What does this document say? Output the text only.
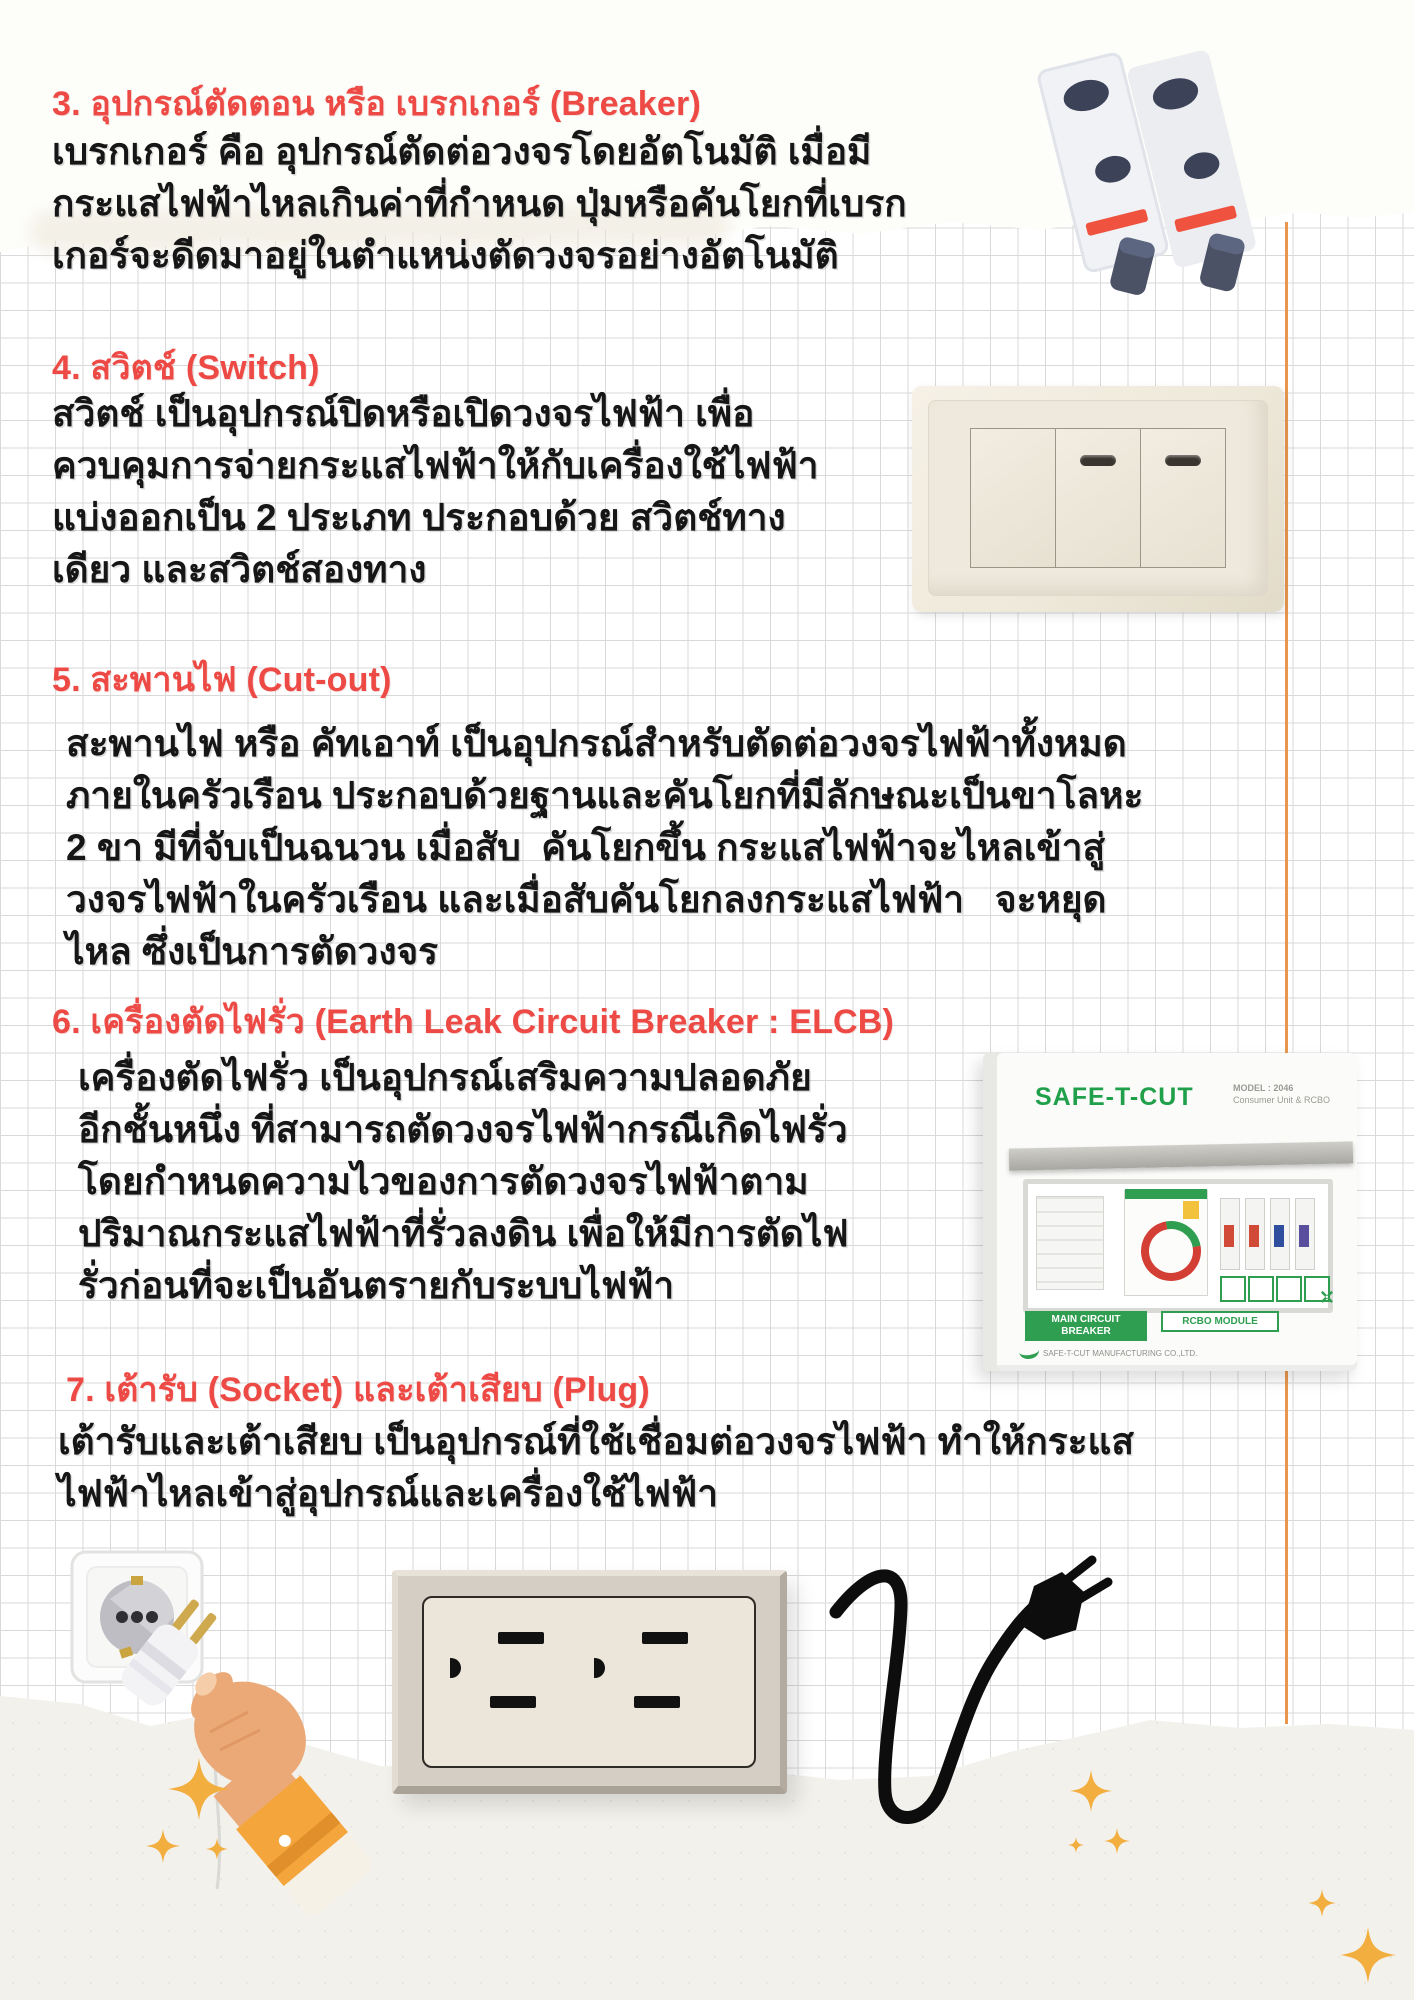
3. อุปกรณ์ตัดตอน หรือ เบรกเกอร์ (Breaker)
เบรกเกอร์ คือ อุปกรณ์ตัดต่อวงจรโดยอัตโนมัติ เมื่อมี
กระแสไฟฟ้าไหลเกินค่าที่กำหนด ปุ่มหรือคันโยกที่เบรก
เกอร์จะดีดมาอยู่ในตำแหน่งตัดวงจรอย่างอัตโนมัติ
4. สวิตช์ (Switch)
สวิตช์ เป็นอุปกรณ์ปิดหรือเปิดวงจรไฟฟ้า เพื่อ
ควบคุมการจ่ายกระแสไฟฟ้าให้กับเครื่องใช้ไฟฟ้า
แบ่งออกเป็น 2 ประเภท ประกอบด้วย สวิตช์ทาง
เดียว และสวิตช์สองทาง
5. สะพานไฟ (Cut-out)
สะพานไฟ หรือ คัทเอาท์ เป็นอุปกรณ์สำหรับตัดต่อวงจรไฟฟ้าทั้งหมด
ภายในครัวเรือน ประกอบด้วยฐานและคันโยกที่มีลักษณะเป็นขาโลหะ
2 ขา มีที่จับเป็นฉนวน เมื่อสับ  คันโยกขึ้น กระแสไฟฟ้าจะไหลเข้าสู่
วงจรไฟฟ้าในครัวเรือน และเมื่อสับคันโยกลงกระแสไฟฟ้า   จะหยุด
ไหล ซึ่งเป็นการตัดวงจร
6. เครื่องตัดไฟรั่ว (Earth Leak Circuit Breaker : ELCB)
เครื่องตัดไฟรั่ว เป็นอุปกรณ์เสริมความปลอดภัย
อีกชั้นหนึ่ง ที่สามารถตัดวงจรไฟฟ้ากรณีเกิดไฟรั่ว
โดยกำหนดความไวของการตัดวงจรไฟฟ้าตาม
ปริมาณกระแสไฟฟ้าที่รั่วลงดิน เพื่อให้มีการตัดไฟ
รั่วก่อนที่จะเป็นอันตรายกับระบบไฟฟ้า
SAFE-T-CUT	MODEL : 2046
Consumer Unit & RCBO
MAIN CIRCUIT BREAKER
RCBO MODULE
SAFE-T-CUT MANUFACTURING CO.,LTD.
✛
7. เต้ารับ (Socket) และเต้าเสียบ (Plug)
เต้ารับและเต้าเสียบ เป็นอุปกรณ์ที่ใช้เชื่อมต่อวงจรไฟฟ้า ทำให้กระแส
ไฟฟ้าไหลเข้าสู่อุปกรณ์และเครื่องใช้ไฟฟ้า
